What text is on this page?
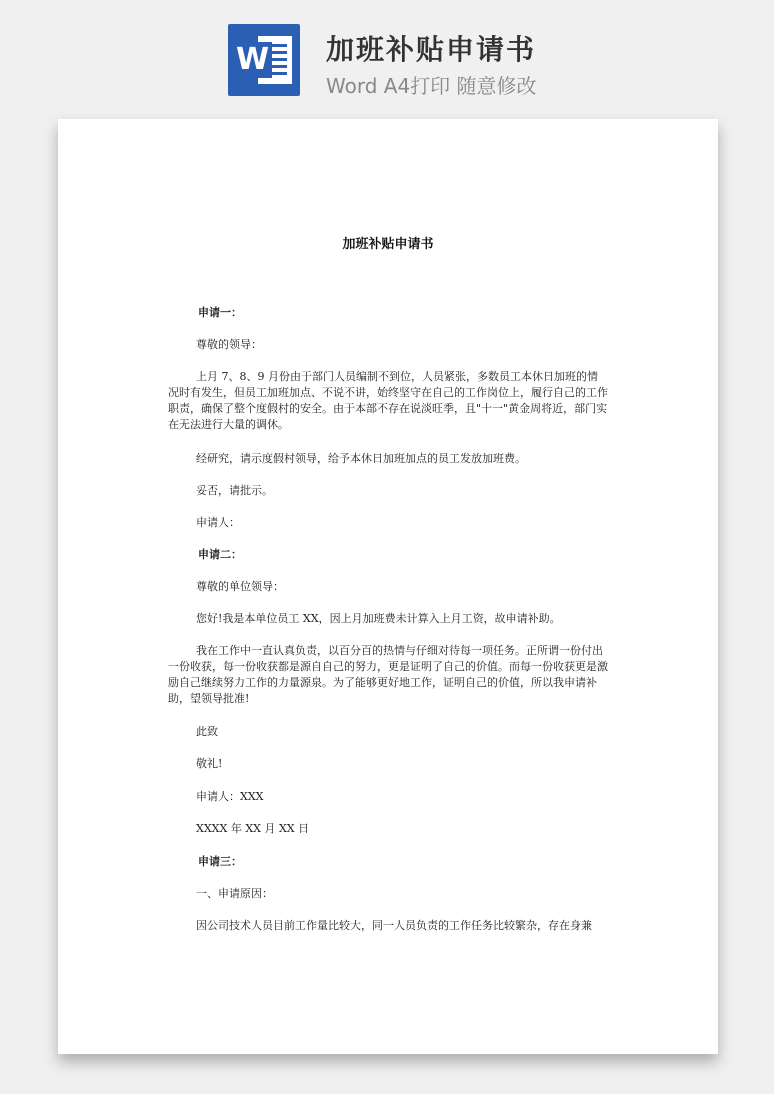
W 加班补贴申请书
Word A4打印 随意修改

加班补贴申请书
申请一：
尊敬的领导：
上月 7、8、9 月份由于部门人员编制不到位，人员紧张，多数员工本休日加班的情况时有发生，但员工加班加点、不说不讲，始终坚守在自己的工作岗位上，履行自己的工作职责，确保了整个度假村的安全。由于本部不存在说淡旺季，且"十一"黄金周将近，部门实在无法进行大量的调休。
经研究，请示度假村领导，给予本休日加班加点的员工发放加班费。
妥否，请批示。
申请人：
申请二：
尊敬的单位领导：
您好!我是本单位员工 XX，因上月加班费未计算入上月工资，故申请补助。
我在工作中一直认真负责，以百分百的热情与仔细对待每一项任务。正所谓一份付出一份收获，每一份收获都是源自自己的努力，更是证明了自己的价值。而每一份收获更是激励自己继续努力工作的力量源泉。为了能够更好地工作，证明自己的价值，所以我申请补助，望领导批准!
此致
敬礼!
申请人：XXX
XXXX 年 XX 月 XX 日
申请三：
一、申请原因：
因公司技术人员目前工作量比较大，同一人员负责的工作任务比较繁杂，存在身兼
